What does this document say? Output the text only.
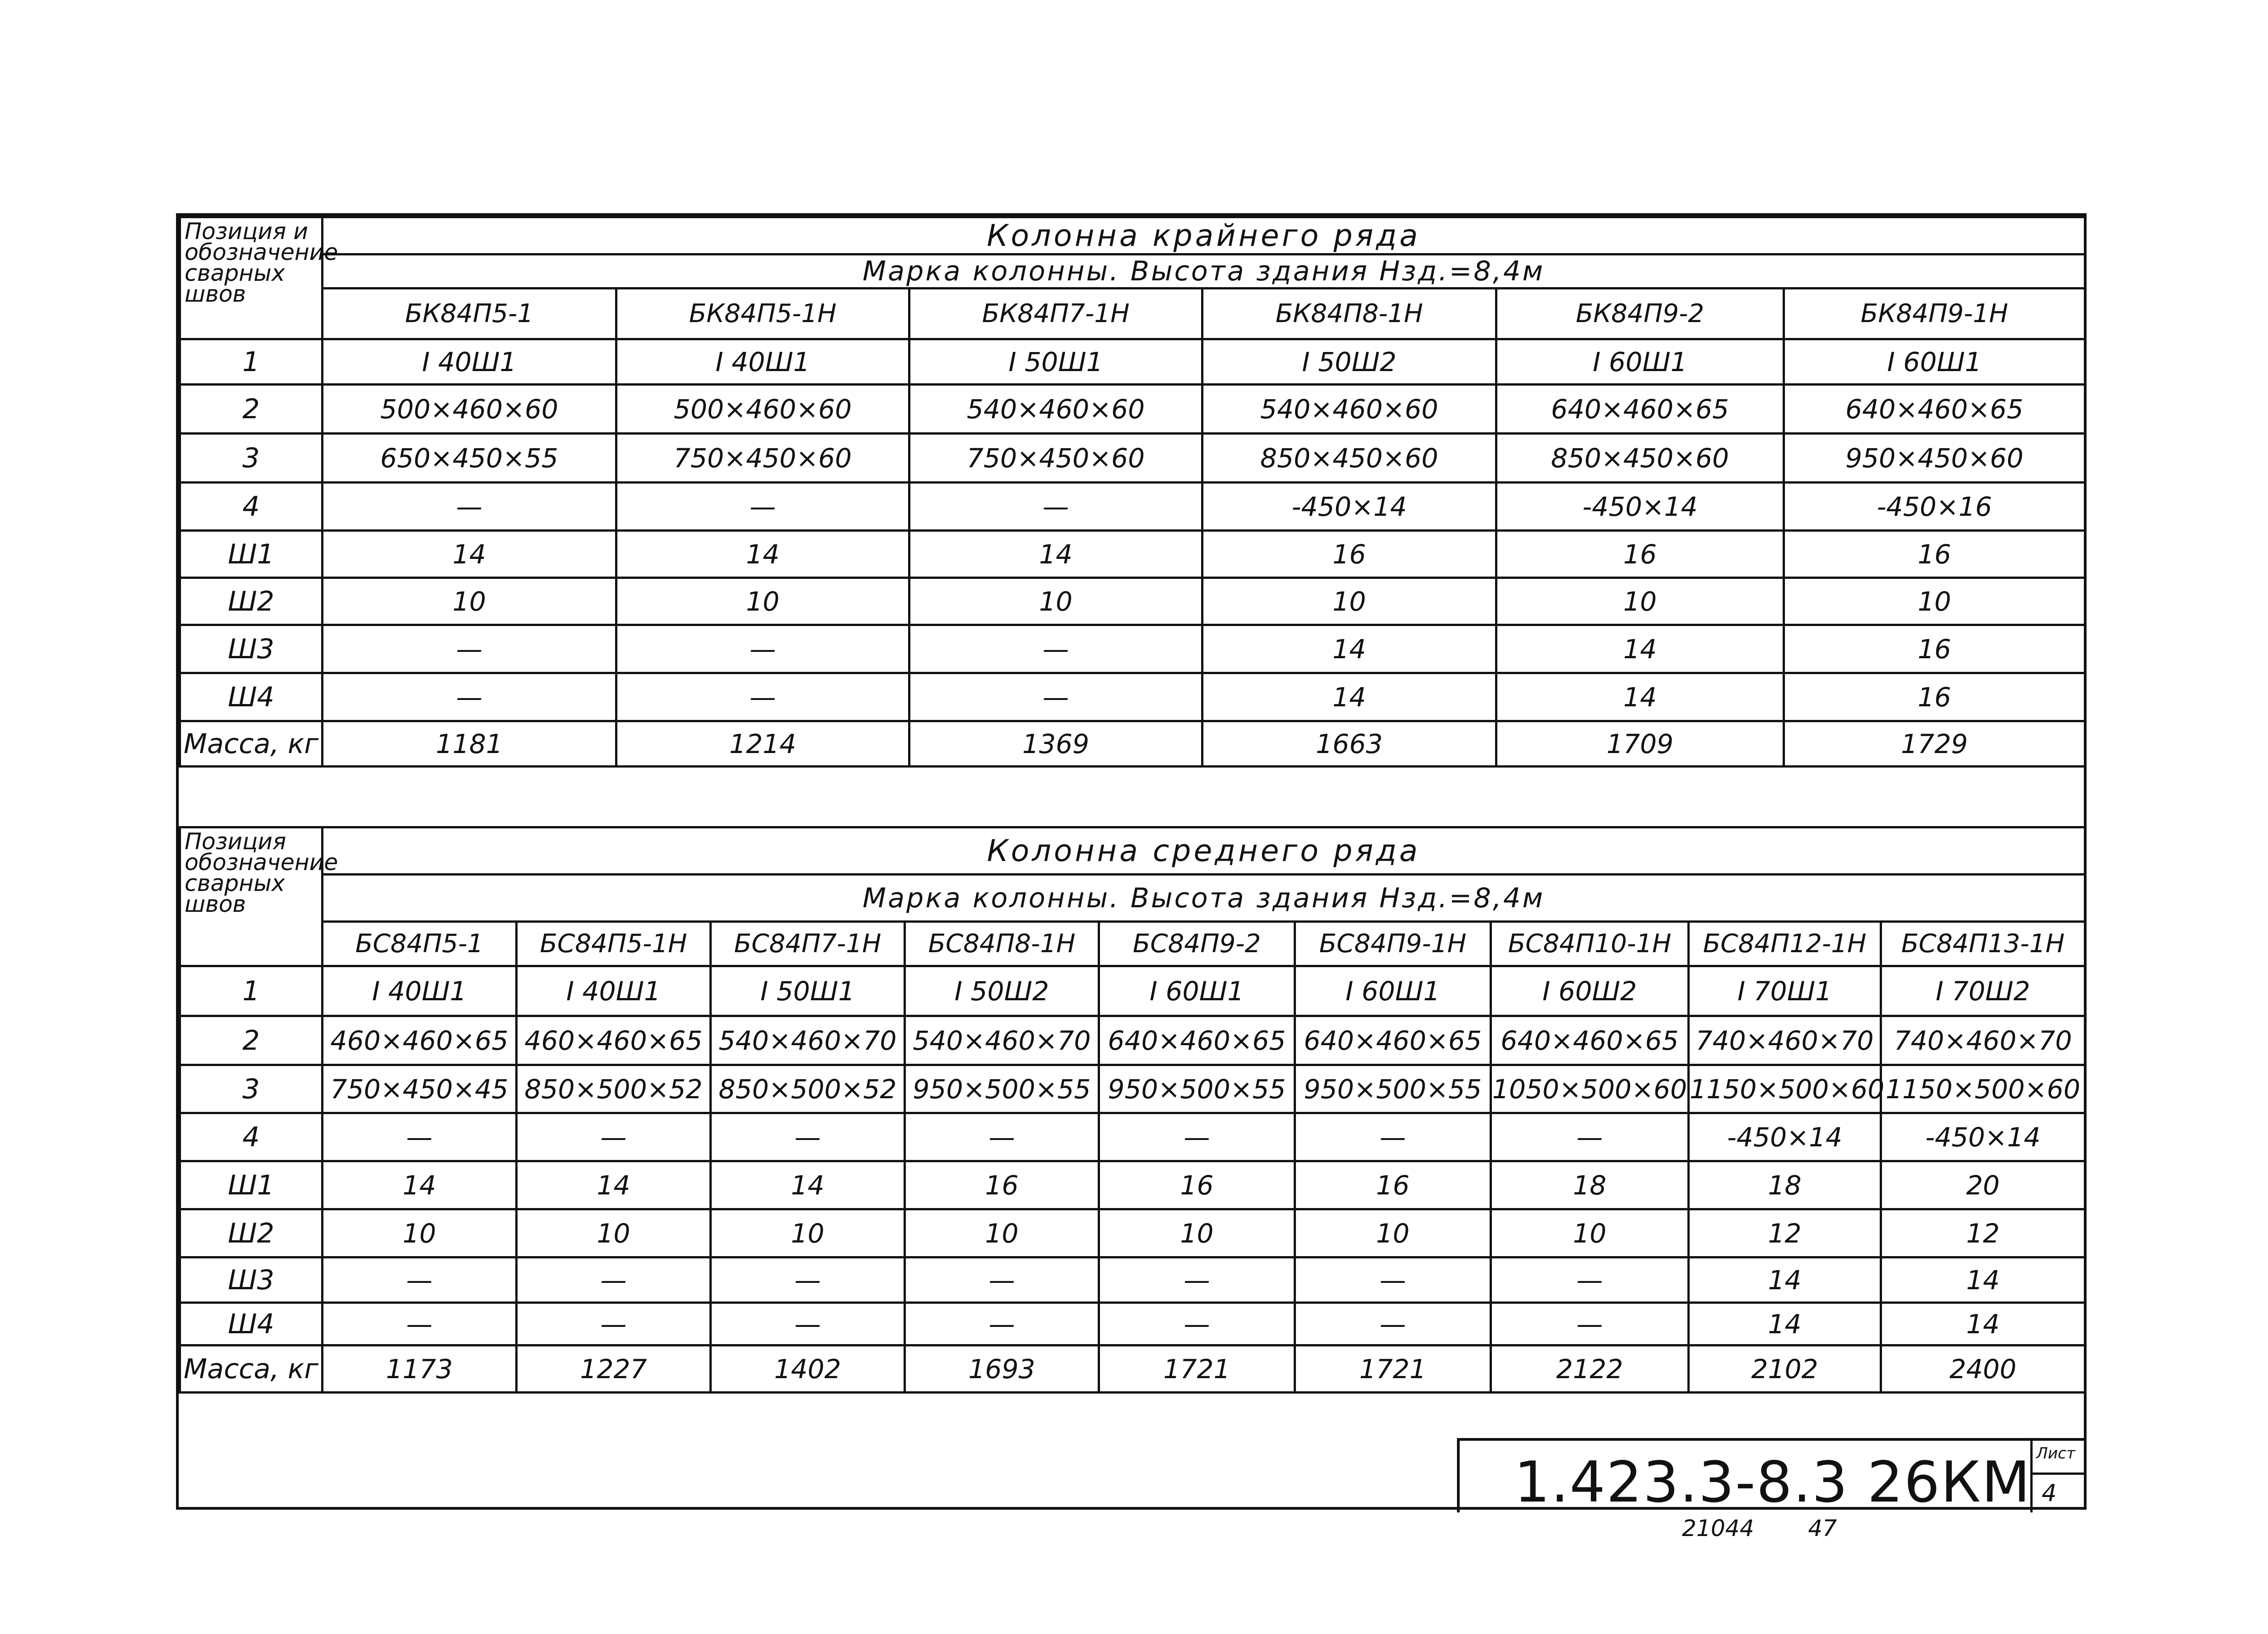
Позиция и обозначение сварных швов	Колонна крайнего ряда					
	Марка колонны. Высота здания Нзд.=8,4м					
	БК84П5-1	БК84П5-1Н	БК84П7-1Н	БК84П8-1Н	БК84П9-2	БК84П9-1Н
1	I 40Ш1	I 40Ш1	I 50Ш1	I 50Ш2	I 60Ш1	I 60Ш1
2	500×460×60	500×460×60	540×460×60	540×460×60	640×460×65	640×460×65
3	650×450×55	750×450×60	750×450×60	850×450×60	850×450×60	950×450×60
4	—	—	—	-450×14	-450×14	-450×16
Ш1	14	14	14	16	16	16
Ш2	10	10	10	10	10	10
Ш3	—	—	—	14	14	16
Ш4	—	—	—	14	14	16
Масса, кг	1181	1214	1369	1663	1709	1729
Позиция обозначение сварных швов	Колонна среднего ряда								
	Марка колонны. Высота здания Нзд.=8,4м								
	БС84П5-1	БС84П5-1Н	БС84П7-1Н	БС84П8-1Н	БС84П9-2	БС84П9-1Н	БС84П10-1Н	БС84П12-1Н	БС84П13-1Н
1	I 40Ш1	I 40Ш1	I 50Ш1	I 50Ш2	I 60Ш1	I 60Ш1	I 60Ш2	I 70Ш1	I 70Ш2
2	460×460×65	460×460×65	540×460×70	540×460×70	640×460×65	640×460×65	640×460×65	740×460×70	740×460×70
3	750×450×45	850×500×52	850×500×52	950×500×55	950×500×55	950×500×55	1050×500×60	1150×500×60	1150×500×60
4	—	—	—	—	—	—	—	-450×14	-450×14
Ш1	14	14	14	16	16	16	18	18	20
Ш2	10	10	10	10	10	10	10	12	12
Ш3	—	—	—	—	—	—	—	14	14
Ш4	—	—	—	—	—	—	—	14	14
Масса, кг	1173	1227	1402	1693	1721	1721	2122	2102	2400
1.423.3-8.3 26КМ Лист
4
21044 47
